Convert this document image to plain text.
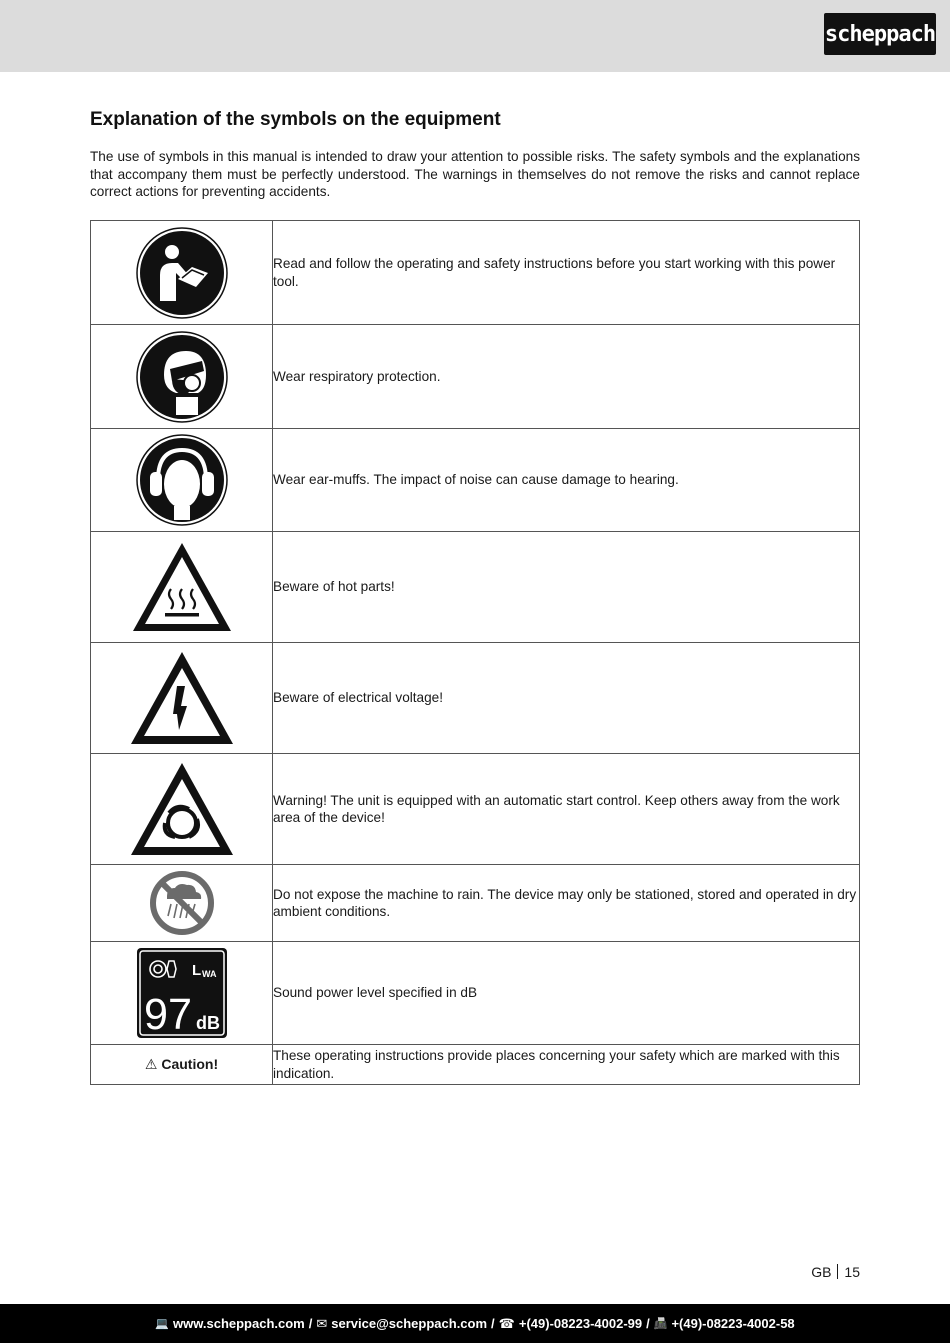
scheppach
Explanation of the symbols on the equipment

The use of symbols in this manual is intended to draw your attention to possible risks. The safety symbols and the explanations that accompany them must be perfectly understood. The warnings in themselves do not remove the risks and cannot replace correct actions for preventing accidents.

	Read and follow the operating and safety instructions before you start working with this power tool.

	Wear respiratory protection.

	Wear ear-muffs. The impact of noise can cause damage to hearing.

	Beware of hot parts!

	Beware of electrical voltage!

	Warning! The unit is equipped with an automatic start control. Keep others away from the work area of the device!

	Do not expose the machine to rain. The device may only be stationed, stored and operated in dry ambient conditions.

L WA
97 dB	Sound power level specified in dB
⚠ Caution!	These operating instructions provide places concerning your safety which are marked with this indication.
GB 15
💻 www.scheppach.com / ✉ service@scheppach.com / ☎ +(49)-08223-4002-99 / 📠 +(49)-08223-4002-58
